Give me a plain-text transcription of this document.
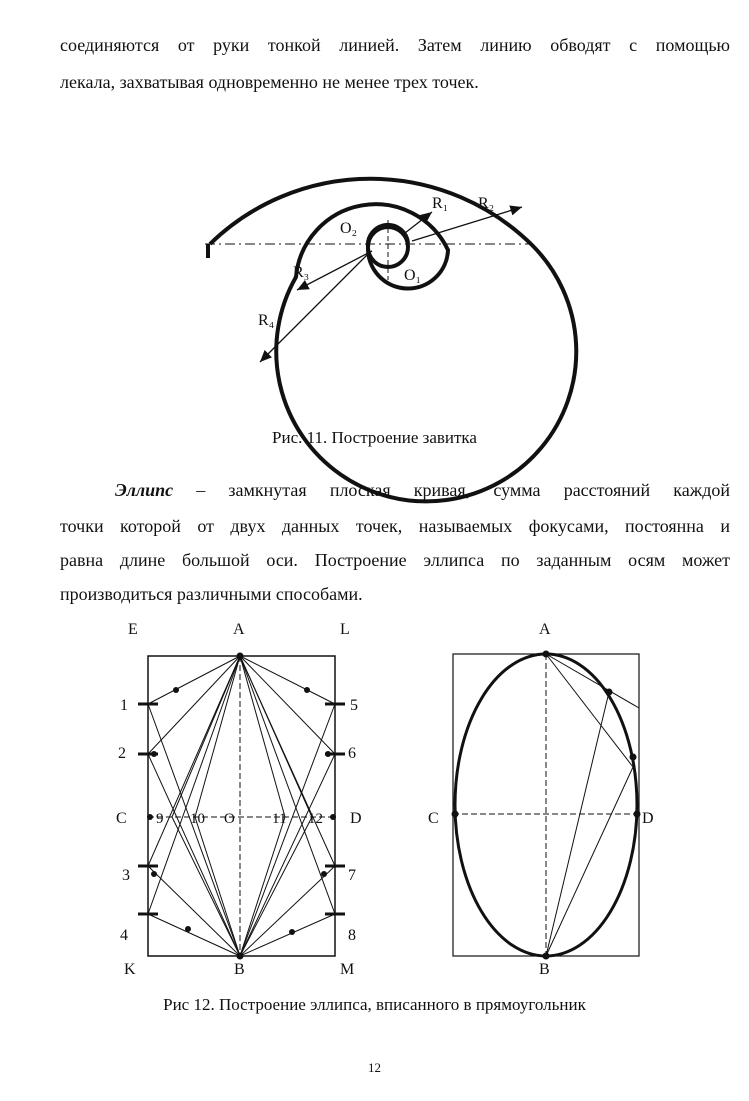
соединяются от руки тонкой линией. Затем линию обводят с помощью
лекала, захватывая одновременно не менее трех точек.
O₂
O₁
R₁ R₂
R₃
R₄
Рис. 11. Построение завитка
Эллипс – замкнутая плоская кривая, сумма расстояний каждой
точки которой от двух данных точек, называемых фокусами, постоянна и
равна длине большой оси. Построение эллипса по заданным осям может
производиться различными способами.
E	A	L
1
2
C
3
4
5
6
D
7
8
9 10 O 11 12
K	B	M
A
C	D
B
Рис 12. Построение эллипса, вписанного в прямоугольник
12
